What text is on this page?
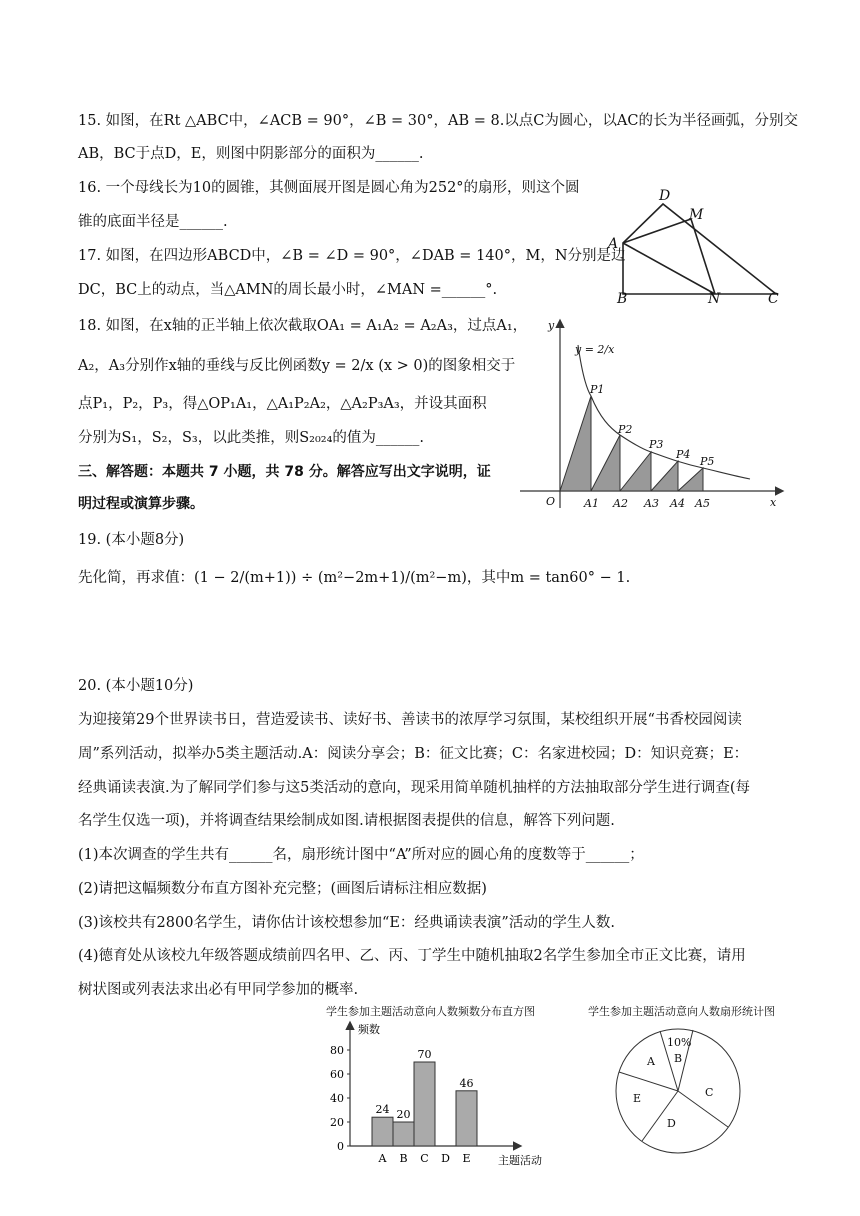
15. 如图，在Rt △ABC中，∠ACB = 90°，∠B = 30°，AB = 8.以点C为圆心，以AC的长为半径画弧，分别交
AB，BC于点D，E，则图中阴影部分的面积为______.
16. 一个母线长为10的圆锥，其侧面展开图是圆心角为252°的扇形，则这个圆
锥的底面半径是______.
17. 如图，在四边形ABCD中，∠B = ∠D = 90°，∠DAB = 140°，M，N分别是边
DC，BC上的动点，当△AMN的周长最小时，∠MAN =______°.
D
M
A
B	N	C
18. 如图，在x轴的正半轴上依次截取OA₁ = A₁A₂ = A₂A₃，过点A₁，
A₂，A₃分别作x轴的垂线与反比例函数y = 2/x (x > 0)的图象相交于
点P₁，P₂，P₃，得△OP₁A₁，△A₁P₂A₂，△A₂P₃A₃，并设其面积
分别为S₁，S₂，S₃，以此类推，则S₂₀₂₄的值为______.
y
x
O
y = 2/x
P1
P2
P3
P4
P5
A1 A2 A3 A4 A5
三、解答题：本题共 7 小题，共 78 分。解答应写出文字说明，证
明过程或演算步骤。
19. (本小题8分)
先化简，再求值：(1 − 2/(m+1)) ÷ (m²−2m+1)/(m²−m)，其中m = tan60° − 1.
20. (本小题10分)
为迎接第29个世界读书日，营造爱读书、读好书、善读书的浓厚学习氛围，某校组织开展“书香校园阅读
周”系列活动，拟举办5类主题活动.A：阅读分享会；B：征文比赛；C：名家进校园；D：知识竞赛；E：
经典诵读表演.为了解同学们参与这5类活动的意向，现采用简单随机抽样的方法抽取部分学生进行调查(每
名学生仅选一项)，并将调查结果绘制成如图.请根据图表提供的信息，解答下列问题.
(1)本次调查的学生共有______名，扇形统计图中“A”所对应的圆心角的度数等于______；
(2)请把这幅频数分布直方图补充完整；(画图后请标注相应数据)
(3)该校共有2800名学生，请你估计该校想参加“E：经典诵读表演”活动的学生人数.
(4)德育处从该校九年级答题成绩前四名甲、乙、丙、丁学生中随机抽取2名学生参加全市正文比赛，请用
树状图或列表法求出必有甲同学参加的概率.
学生参加主题活动意向人数频数分布直方图
频数
主题活动
0
20
40
60
80
A
24
B
20
C
70
D E
46
学生参加主题活动意向人数扇形统计图
10%
A B
C
D
E
